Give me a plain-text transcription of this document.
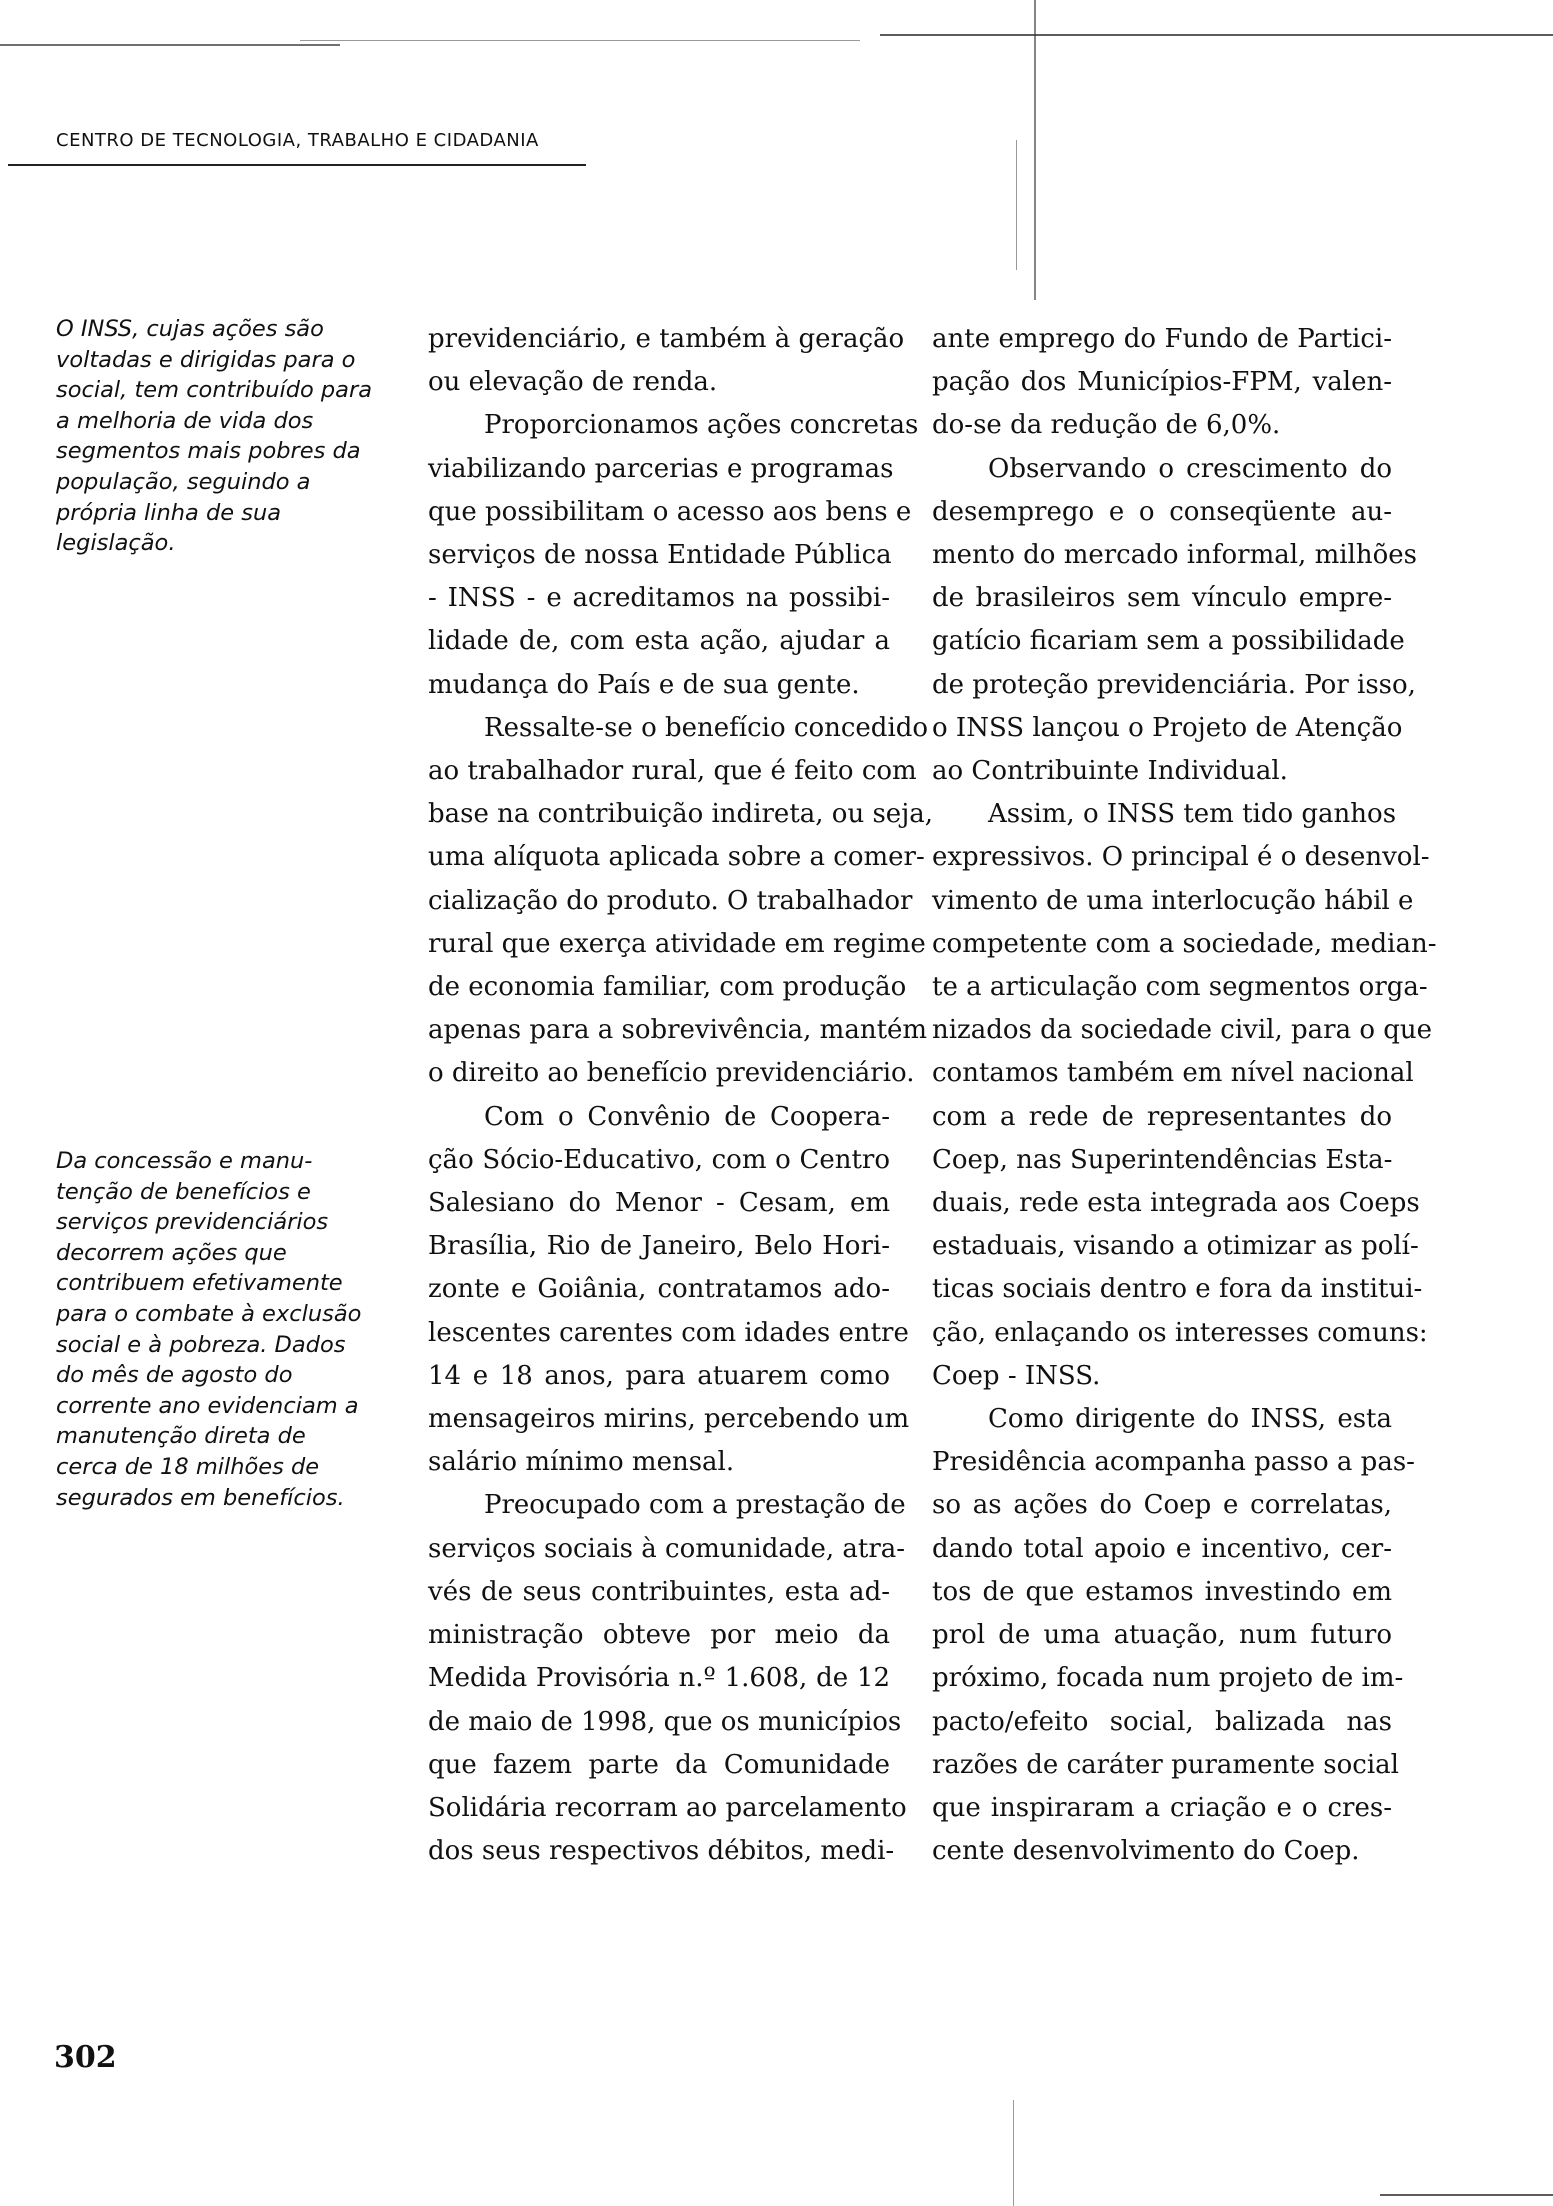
CENTRO DE TECNOLOGIA, TRABALHO E CIDADANIA
O INSS, cujas ações são voltadas e dirigidas para o social, tem contribuído para a melhoria de vida dos segmentos mais pobres da população, seguindo a própria linha de sua legislação.
Da concessão e manu-tenção de benefícios e serviços previdenciários decorrem ações que contribuem efetivamente para o combate à exclusão social e à pobreza. Dados do mês de agosto do corrente ano evidenciam a manutenção direta de cerca de 18 milhões de segurados em benefícios.
previdenciário, e também à geração
ou elevação de renda.
Proporcionamos ações concretas
viabilizando parcerias e programas
que possibilitam o acesso aos bens e
serviços de nossa Entidade Pública
- INSS - e acreditamos na possibi-
lidade de, com esta ação, ajudar a
mudança do País e de sua gente.
Ressalte-se o benefício concedido
ao trabalhador rural, que é feito com
base na contribuição indireta, ou seja,
uma alíquota aplicada sobre a comer-
cialização do produto. O trabalhador
rural que exerça atividade em regime
de economia familiar, com produção
apenas para a sobrevivência, mantém
o direito ao benefício previdenciário.
Com o Convênio de Coopera-
ção Sócio-Educativo, com o Centro
Salesiano do Menor - Cesam, em
Brasília, Rio de Janeiro, Belo Hori-
zonte e Goiânia, contratamos ado-
lescentes carentes com idades entre
14 e 18 anos, para atuarem como
mensageiros mirins, percebendo um
salário mínimo mensal.
Preocupado com a prestação de
serviços sociais à comunidade, atra-
vés de seus contribuintes, esta ad-
ministração obteve por meio da
Medida Provisória n.º 1.608, de 12
de maio de 1998, que os municípios
que fazem parte da Comunidade
Solidária recorram ao parcelamento
dos seus respectivos débitos, medi-
ante emprego do Fundo de Partici-
pação dos Municípios-FPM, valen-
do-se da redução de 6,0%.
Observando o crescimento do
desemprego e o conseqüente au-
mento do mercado informal, milhões
de brasileiros sem vínculo empre-
gatício ficariam sem a possibilidade
de proteção previdenciária. Por isso,
o INSS lançou o Projeto de Atenção
ao Contribuinte Individual.
Assim, o INSS tem tido ganhos
expressivos. O principal é o desenvol-
vimento de uma interlocução hábil e
competente com a sociedade, median-
te a articulação com segmentos orga-
nizados da sociedade civil, para o que
contamos também em nível nacional
com a rede de representantes do
Coep, nas Superintendências Esta-
duais, rede esta integrada aos Coeps
estaduais, visando a otimizar as polí-
ticas sociais dentro e fora da institui-
ção, enlaçando os interesses comuns:
Coep - INSS.
Como dirigente do INSS, esta
Presidência acompanha passo a pas-
so as ações do Coep e correlatas,
dando total apoio e incentivo, cer-
tos de que estamos investindo em
prol de uma atuação, num futuro
próximo, focada num projeto de im-
pacto/efeito social, balizada nas
razões de caráter puramente social
que inspiraram a criação e o cres-
cente desenvolvimento do Coep.
302
